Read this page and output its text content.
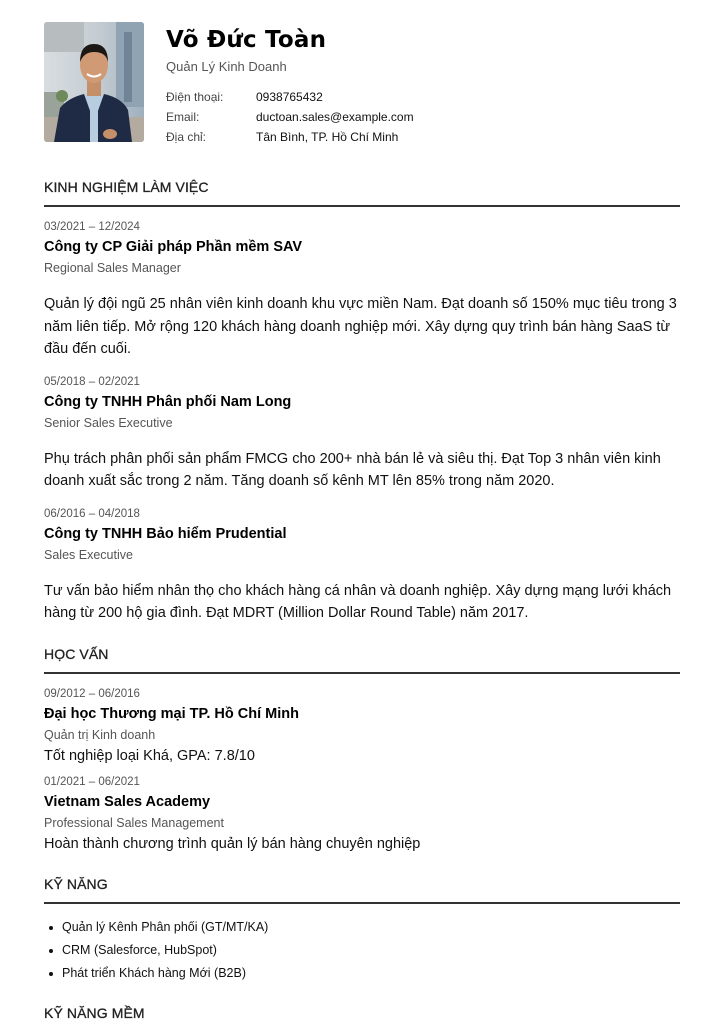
Võ Đức Toàn
Quản Lý Kinh Doanh
Điện thoại:	0938765432
Email:	ductoan.sales@example.com
Địa chỉ:	Tân Bình, TP. Hồ Chí Minh
KINH NGHIỆM LÀM VIỆC
03/2021 – 12/2024
Công ty CP Giải pháp Phần mềm SAV
Regional Sales Manager
Quản lý đội ngũ 25 nhân viên kinh doanh khu vực miền Nam. Đạt doanh số 150% mục tiêu trong 3 năm liên tiếp. Mở rộng 120 khách hàng doanh nghiệp mới. Xây dựng quy trình bán hàng SaaS từ đầu đến cuối.
05/2018 – 02/2021
Công ty TNHH Phân phối Nam Long
Senior Sales Executive
Phụ trách phân phối sản phẩm FMCG cho 200+ nhà bán lẻ và siêu thị. Đạt Top 3 nhân viên kinh doanh xuất sắc trong 2 năm. Tăng doanh số kênh MT lên 85% trong năm 2020.
06/2016 – 04/2018
Công ty TNHH Bảo hiểm Prudential
Sales Executive
Tư vấn bảo hiểm nhân thọ cho khách hàng cá nhân và doanh nghiệp. Xây dựng mạng lưới khách hàng từ 200 hộ gia đình. Đạt MDRT (Million Dollar Round Table) năm 2017.
HỌC VẤN
09/2012 – 06/2016
Đại học Thương mại TP. Hồ Chí Minh
Quản trị Kinh doanh
Tốt nghiệp loại Khá, GPA: 7.8/10
01/2021 – 06/2021
Vietnam Sales Academy
Professional Sales Management
Hoàn thành chương trình quản lý bán hàng chuyên nghiệp
KỸ NĂNG
Quản lý Kênh Phân phối (GT/MT/KA)
CRM (Salesforce, HubSpot)
Phát triển Khách hàng Mới (B2B)
KỸ NĂNG MỀM
